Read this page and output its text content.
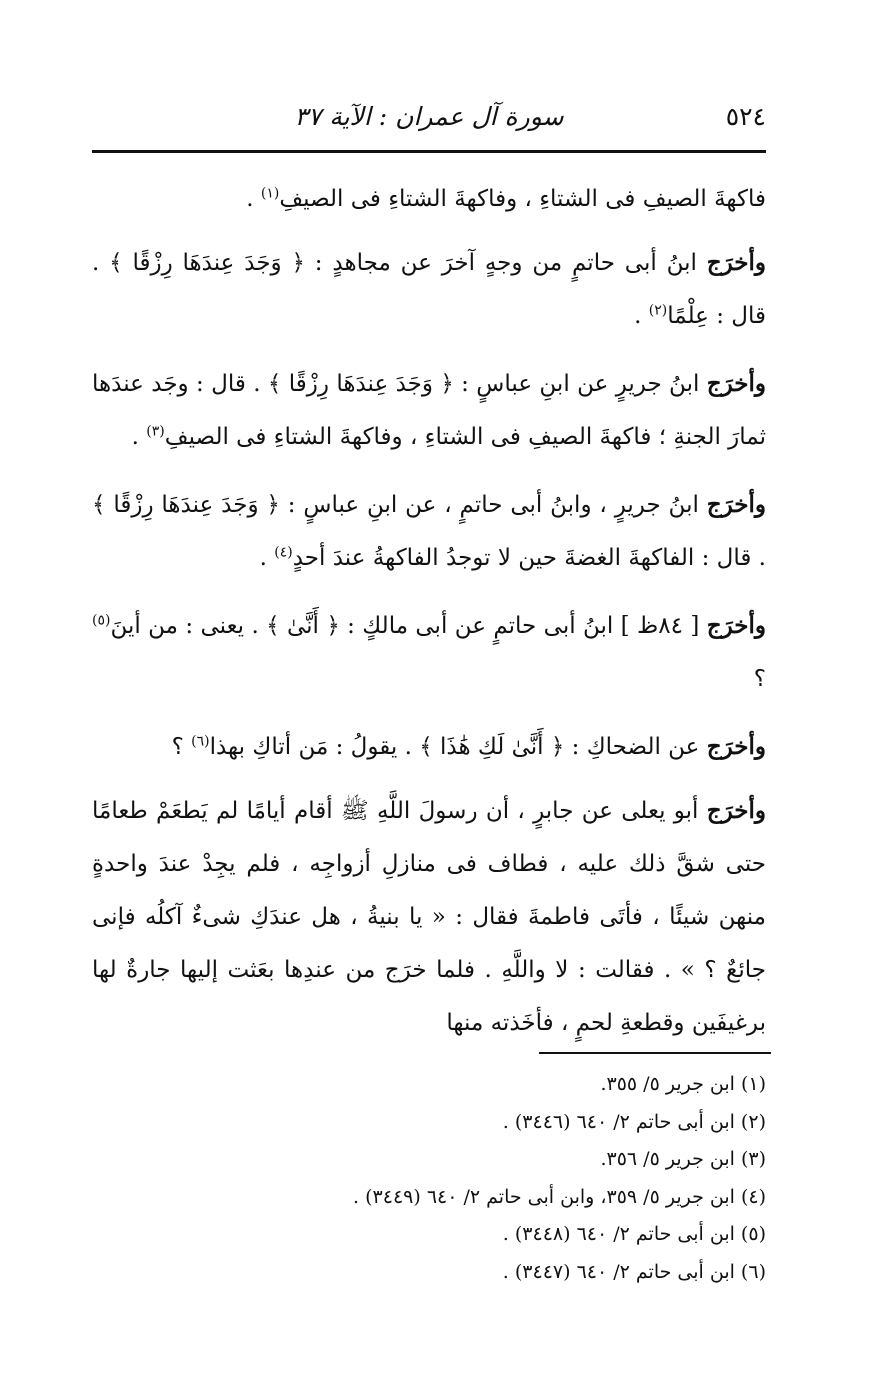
٥٢٤
سورة آل عمران : الآية ٣٧

فاكهةَ الصيفِ فى الشتاءِ ، وفاكهةَ الشتاءِ فى الصيفِ$^{(١)}$ .

وأخرَج ابنُ أبى حاتمٍ من وجهٍ آخرَ عن مجاهدٍ : ﴿ وَجَدَ عِندَهَا رِزْقًا ﴾ . قال : عِلْمًا$^{(٢)}$ .

وأخرَج ابنُ جريرٍ عن ابنِ عباسٍ : ﴿ وَجَدَ عِندَهَا رِزْقًا ﴾ . قال : وجَد عندَها ثمارَ الجنةِ ؛ فاكهةَ الصيفِ فى الشتاءِ ، وفاكهةَ الشتاءِ فى الصيفِ$^{(٣)}$ .

وأخرَج ابنُ جريرٍ ، وابنُ أبى حاتمٍ ، عن ابنِ عباسٍ : ﴿ وَجَدَ عِندَهَا رِزْقًا ﴾ . قال : الفاكهةَ الغضةَ حين لا توجدُ الفاكهةُ عندَ أحدٍ$^{(٤)}$ .

وأخرَج [ ٨٤ظ ] ابنُ أبى حاتمٍ عن أبى مالكٍ : ﴿ أَنَّىٰ ﴾ . يعنى : من أينَ$^{(٥)}$ ؟

وأخرَج عن الضحاكِ : ﴿ أَنَّىٰ لَكِ هَٰذَا ﴾ . يقولُ : مَن أتاكِ بهذا$^{(٦)}$ ؟

وأخرَج أبو يعلى عن جابرٍ ، أن رسولَ اللَّهِ ﷺ أقام أيامًا لم يَطعَمْ طعامًا حتى شقَّ ذلك عليه ، فطاف فى منازلِ أزواجِه ، فلم يجِدْ عندَ واحدةٍ منهن شيئًا ، فأتَى فاطمةَ فقال : « يا بنيةُ ، هل عندَكِ شىءٌ آكلُه فإنى جائعٌ ؟ » . فقالت : لا واللَّهِ . فلما خرَج من عندِها بعَثت إليها جارةٌ لها برغيفَين وقطعةِ لحمٍ ، فأخَذته منها

(١) ابن جرير ٥/ ٣٥٥.
(٢) ابن أبى حاتم ٢/ ٦٤٠ (٣٤٤٦) .
(٣) ابن جرير ٥/ ٣٥٦.
(٤) ابن جرير ٥/ ٣٥٩، وابن أبى حاتم ٢/ ٦٤٠ (٣٤٤٩) .
(٥) ابن أبى حاتم ٢/ ٦٤٠ (٣٤٤٨) .
(٦) ابن أبى حاتم ٢/ ٦٤٠ (٣٤٤٧) .
